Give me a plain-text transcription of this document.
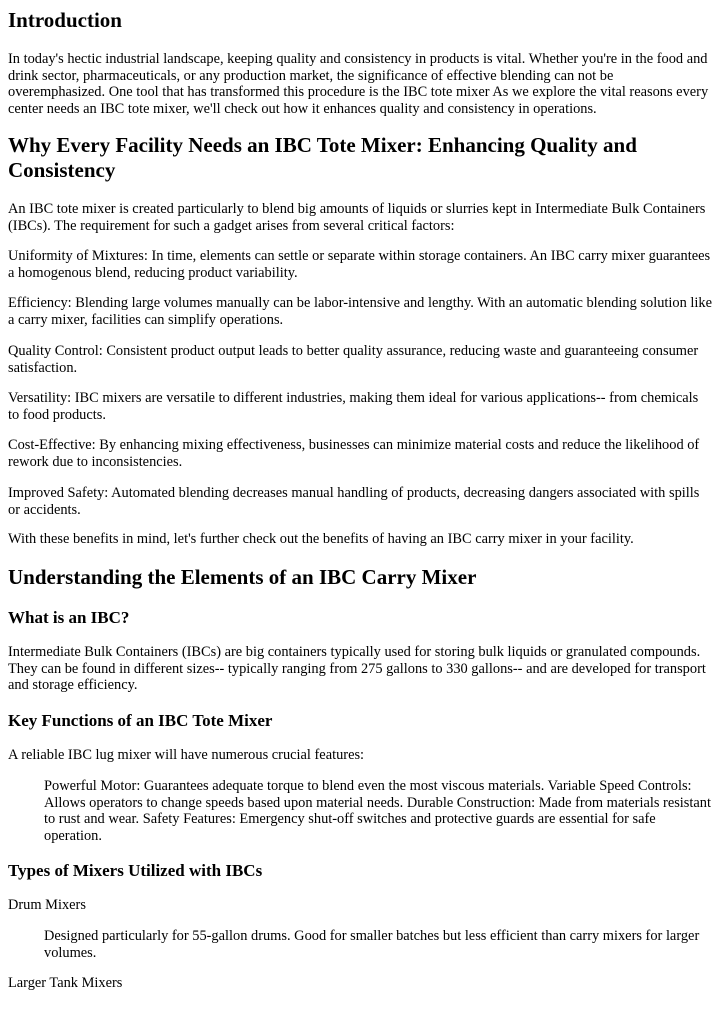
Introduction

In today's hectic industrial landscape, keeping quality and consistency in products is vital. Whether you're in the food and drink sector, pharmaceuticals, or any production market, the significance of effective blending can not be overemphasized. One tool that has transformed this procedure is the IBC tote mixer As we explore the vital reasons every center needs an IBC tote mixer, we'll check out how it enhances quality and consistency in operations.

Why Every Facility Needs an IBC Tote Mixer: Enhancing Quality and Consistency

An IBC tote mixer is created particularly to blend big amounts of liquids or slurries kept in Intermediate Bulk Containers (IBCs). The requirement for such a gadget arises from several critical factors:

Uniformity of Mixtures: In time, elements can settle or separate within storage containers. An IBC carry mixer guarantees a homogenous blend, reducing product variability.

Efficiency: Blending large volumes manually can be labor-intensive and lengthy. With an automatic blending solution like a carry mixer, facilities can simplify operations.

Quality Control: Consistent product output leads to better quality assurance, reducing waste and guaranteeing consumer satisfaction.

Versatility: IBC mixers are versatile to different industries, making them ideal for various applications-- from chemicals to food products.

Cost-Effective: By enhancing mixing effectiveness, businesses can minimize material costs and reduce the likelihood of rework due to inconsistencies.

Improved Safety: Automated blending decreases manual handling of products, decreasing dangers associated with spills or accidents.

With these benefits in mind, let's further check out the benefits of having an IBC carry mixer in your facility.

Understanding the Elements of an IBC Carry Mixer
What is an IBC?

Intermediate Bulk Containers (IBCs) are big containers typically used for storing bulk liquids or granulated compounds. They can be found in different sizes-- typically ranging from 275 gallons to 330 gallons-- and are developed for transport and storage efficiency.

Key Functions of an IBC Tote Mixer

A reliable IBC lug mixer will have numerous crucial features:

Powerful Motor: Guarantees adequate torque to blend even the most viscous materials. Variable Speed Controls: Allows operators to change speeds based upon material needs. Durable Construction: Made from materials resistant to rust and wear. Safety Features: Emergency shut-off switches and protective guards are essential for safe operation.

Types of Mixers Utilized with IBCs

Drum Mixers

Designed particularly for 55-gallon drums. Good for smaller batches but less efficient than carry mixers for larger volumes.

Larger Tank Mixers
